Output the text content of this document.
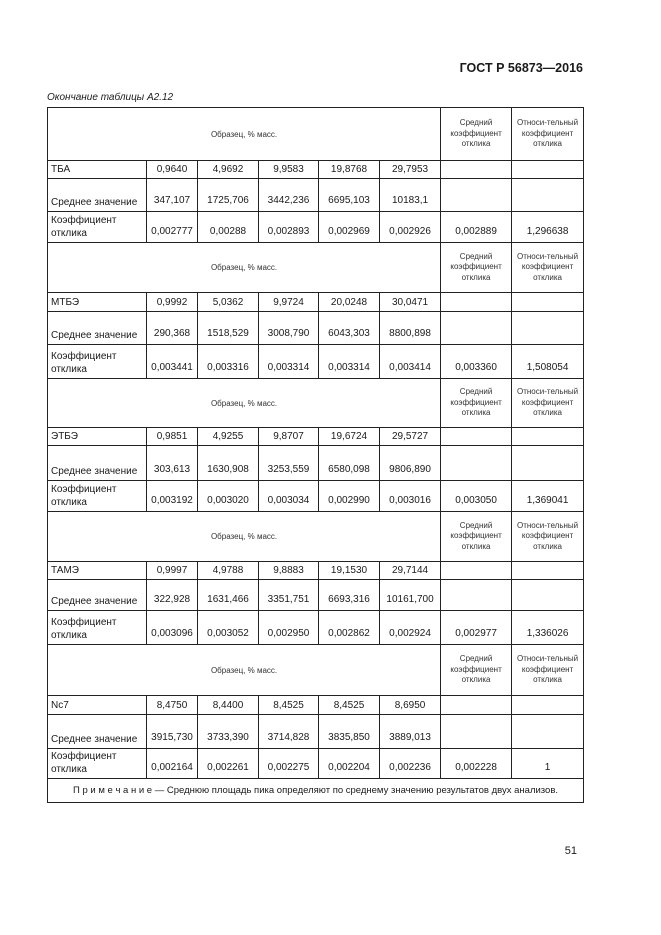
ГОСТ Р 56873—2016
Окончание таблицы А2.12
Образец, % масс.						Средний коэффициент отклика	Относи-тельный коэффициент отклика
ТБА	0,9640	4,9692	9,9583	19,8768	29,7953		
Среднее значение	347,107	1725,706	3442,236	6695,103	10183,1		
Коэффициент отклика	0,002777	0,00288	0,002893	0,002969	0,002926	0,002889	1,296638
Образец, % масс.						Средний коэффициент отклика	Относи-тельный коэффициент отклика
МТБЭ	0,9992	5,0362	9,9724	20,0248	30,0471		
Среднее значение	290,368	1518,529	3008,790	6043,303	8800,898		
Коэффициент отклика	0,003441	0,003316	0,003314	0,003314	0,003414	0,003360	1,508054
Образец, % масс.						Средний коэффициент отклика	Относи-тельный коэффициент отклика
ЭТБЭ	0,9851	4,9255	9,8707	19,6724	29,5727		
Среднее значение	303,613	1630,908	3253,559	6580,098	9806,890		
Коэффициент отклика	0,003192	0,003020	0,003034	0,002990	0,003016	0,003050	1,369041
Образец, % масс.						Средний коэффициент отклика	Относи-тельный коэффициент отклика
ТАМЭ	0,9997	4,9788	9,8883	19,1530	29,7144		
Среднее значение	322,928	1631,466	3351,751	6693,316	10161,700		
Коэффициент отклика	0,003096	0,003052	0,002950	0,002862	0,002924	0,002977	1,336026
Образец, % масс.						Средний коэффициент отклика	Относи-тельный коэффициент отклика
Nc7	8,4750	8,4400	8,4525	8,4525	8,6950		
Среднее значение	3915,730	3733,390	3714,828	3835,850	3889,013		
Коэффициент отклика	0,002164	0,002261	0,002275	0,002204	0,002236	0,002228	1
П р и м е ч а н и е — Среднюю площадь пика определяют по среднему значению результатов двух анализов.							
51
